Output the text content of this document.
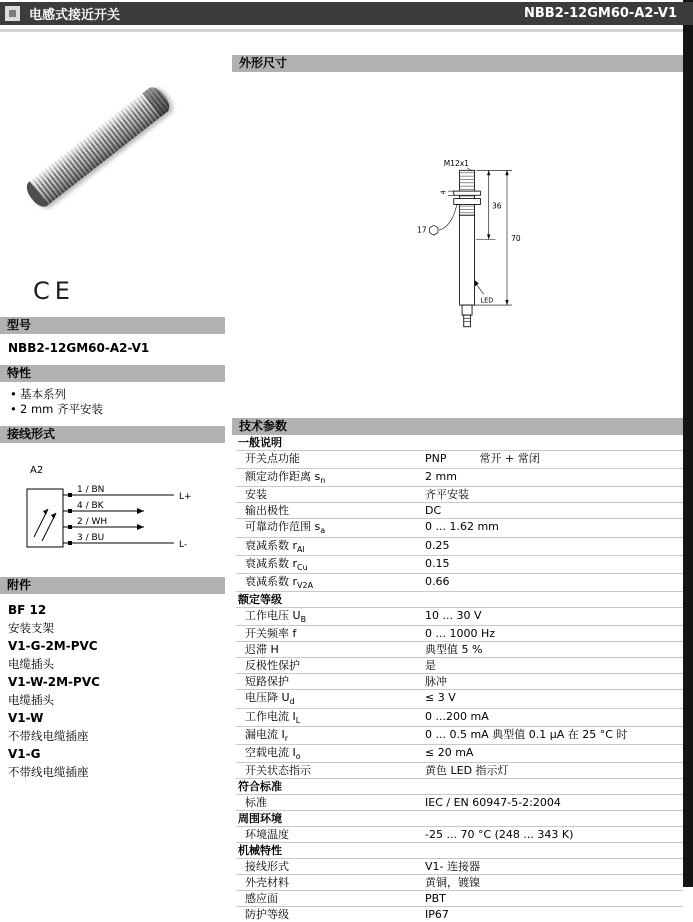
电感式接近开关	NBB2-12GM60-A2-V1
CE
型号
NBB2-12GM60-A2-V1
特性
• 基本系列
• 2 mm 齐平安装
接线形式
A2
1 / BN
4 / BK
2 / WH
3 / BU
L+
L-
附件
BF 12
安装支架
V1-G-2M-PVC
电缆插头
V1-W-2M-PVC
电缆插头
V1-W
不带线电缆插座
V1-G
不带线电缆插座
外形尺寸
M12x1
4
17
LED
36
70
技术参数
一般说明
开关点功能	PNP	常开 + 常闭
额定动作距离 $s_n$	2 mm
安装	齐平安装
输出极性	DC
可靠动作范围 $s_a$	0 ... 1.62 mm
衰减系数 $r_{Al}$	0.25
衰减系数 $r_{Cu}$	0.15
衰减系数 $r_{V2A}$	0.66
额定等级
工作电压 $U_B$	10 ... 30 V
开关频率 f	0 ... 1000 Hz
迟滞 H	典型值 5 %
反极性保护	是
短路保护	脉冲
电压降 $U_d$	≤ 3 V
工作电流 $I_L$	0 ...200 mA
漏电流 $I_r$	0 ... 0.5 mA 典型值 0.1 μA 在 25 °C 时
空载电流 $I_o$	≤ 20 mA
开关状态指示	黄色 LED 指示灯
符合标准
标准	IEC / EN 60947-5-2:2004
周围环境
环境温度	-25 ... 70 °C (248 ... 343 K)
机械特性
接线形式	V1- 连接器
外壳材料	黄铜，镀镍
感应面	PBT
防护等级	IP67
